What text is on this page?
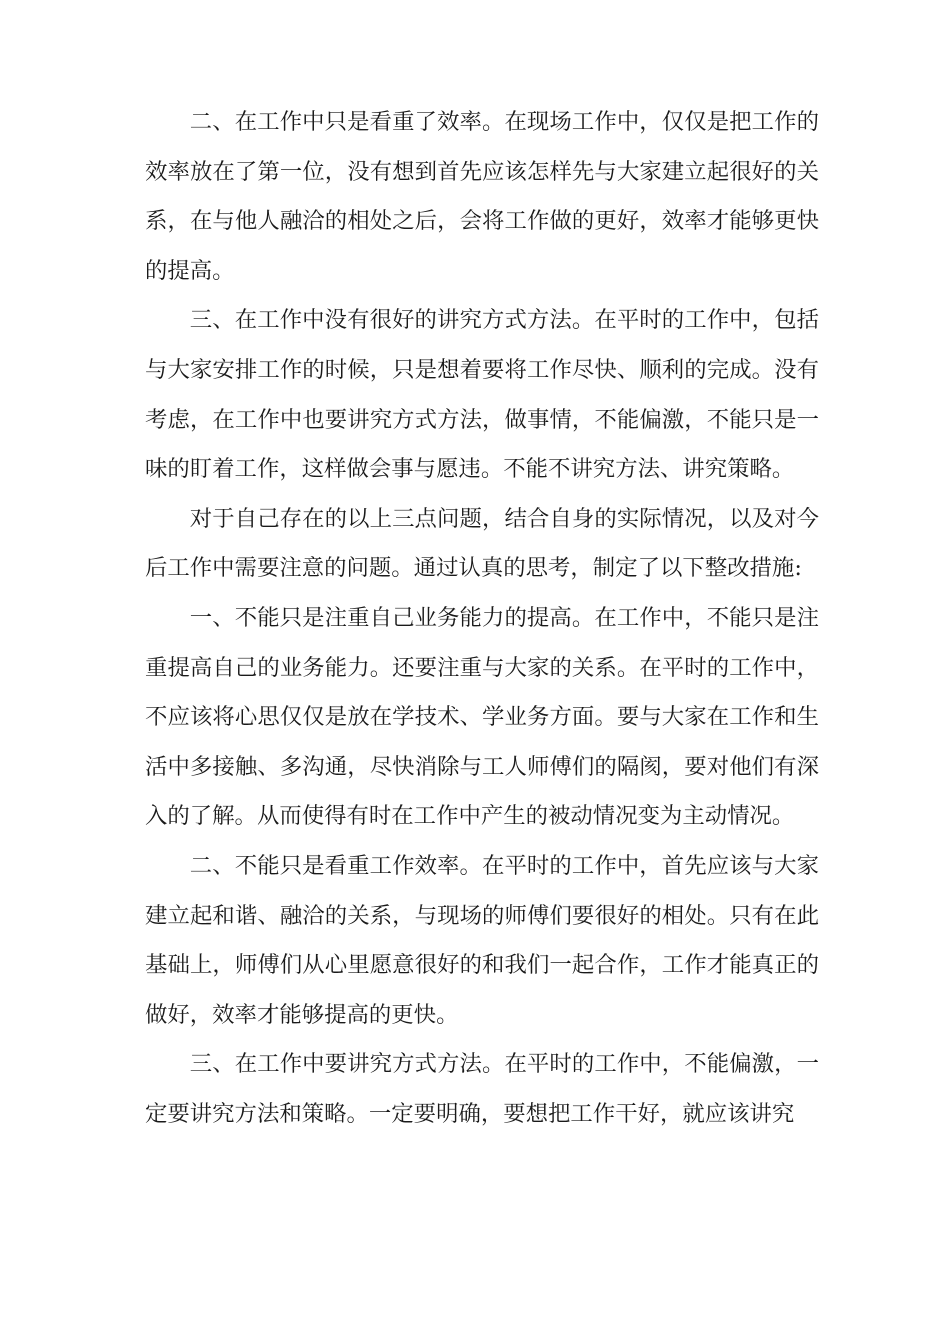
二、在工作中只是看重了效率。在现场工作中，仅仅是把工作的效率放在了第一位，没有想到首先应该怎样先与大家建立起很好的关系，在与他人融洽的相处之后，会将工作做的更好，效率才能够更快的提高。

三、在工作中没有很好的讲究方式方法。在平时的工作中，包括与大家安排工作的时候，只是想着要将工作尽快、顺利的完成。没有考虑，在工作中也要讲究方式方法，做事情，不能偏激，不能只是一味的盯着工作，这样做会事与愿违。不能不讲究方法、讲究策略。

对于自己存在的以上三点问题，结合自身的实际情况，以及对今后工作中需要注意的问题。通过认真的思考，制定了以下整改措施:

一、不能只是注重自己业务能力的提高。在工作中，不能只是注重提高自己的业务能力。还要注重与大家的关系。在平时的工作中，不应该将心思仅仅是放在学技术、学业务方面。要与大家在工作和生活中多接触、多沟通，尽快消除与工人师傅们的隔阂，要对他们有深入的了解。从而使得有时在工作中产生的被动情况变为主动情况。

二、不能只是看重工作效率。在平时的工作中，首先应该与大家建立起和谐、融洽的关系，与现场的师傅们要很好的相处。只有在此基础上，师傅们从心里愿意很好的和我们一起合作，工作才能真正的做好，效率才能够提高的更快。

三、在工作中要讲究方式方法。在平时的工作中，不能偏激，一定要讲究方法和策略。一定要明确，要想把工作干好，就应该讲究
